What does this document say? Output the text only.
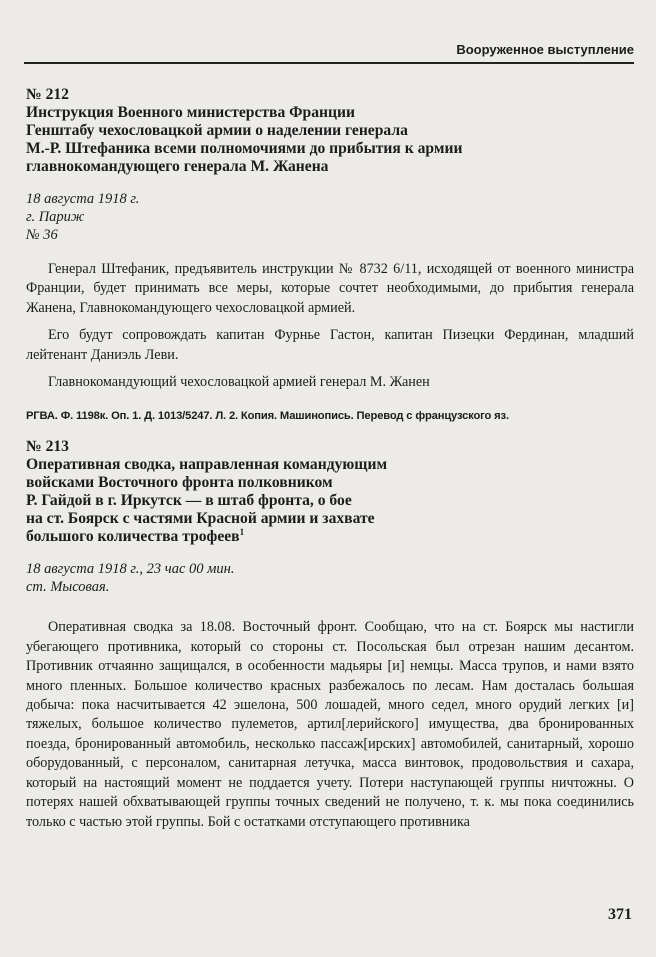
Вооруженное выступление
№ 212
Инструкция Военного министерства Франции
Генштабу чехословацкой армии о наделении генерала
М.-Р. Штефаника всеми полномочиями до прибытия к армии
главнокомандующего генерала М. Жанена
18 августа 1918 г.
г. Париж
№ 36

Генерал Штефаник, предъявитель инструкции № 8732 6/11, исходящей от военного министра Франции, будет принимать все меры, которые сочтет необходимыми, до прибытия генерала Жанена, Главнокомандующего чехословацкой армией.

Его будут сопровождать капитан Фурнье Гастон, капитан Пизецки Фердинан, младший лейтенант Даниэль Леви.

Главнокомандующий чехословацкой армией генерал М. Жанен

РГВА. Ф. 1198к. Оп. 1. Д. 1013/5247. Л. 2. Копия. Машинопись. Перевод с французского яз.
№ 213
Оперативная сводка, направленная командующим
войсками Восточного фронта полковником
Р. Гайдой в г. Иркутск — в штаб фронта, о бое
на ст. Боярск с частями Красной армии и захвате
большого количества трофеев$^1$
18 августа 1918 г., 23 час 00 мин.
ст. Мысовая.

Оперативная сводка за 18.08. Восточный фронт. Сообщаю, что на ст. Боярск мы настигли убегающего противника, который со стороны ст. Посольская был отрезан нашим десантом. Противник отчаянно защищался, в особенности мадьяры [и] немцы. Масса трупов, и нами взято много пленных. Большое количество красных разбежалось по лесам. Нам досталась большая добыча: пока насчитывается 42 эшелона, 500 лошадей, много седел, много орудий легких [и] тяжелых, большое количество пулеметов, артил[лерийского] имущества, два бронированных поезда, бронированный автомобиль, несколько пассаж[ирских] автомобилей, санитарный, хорошо оборудованный, с персоналом, санитарная летучка, масса винтовок, продовольствия и сахара, который на настоящий момент не поддается учету. Потери наступающей группы ничтожны. О потерях нашей обхватывающей группы точных сведений не получено, т. к. мы пока соединились только с частью этой группы. Бой с остатками отступающего противника

371
